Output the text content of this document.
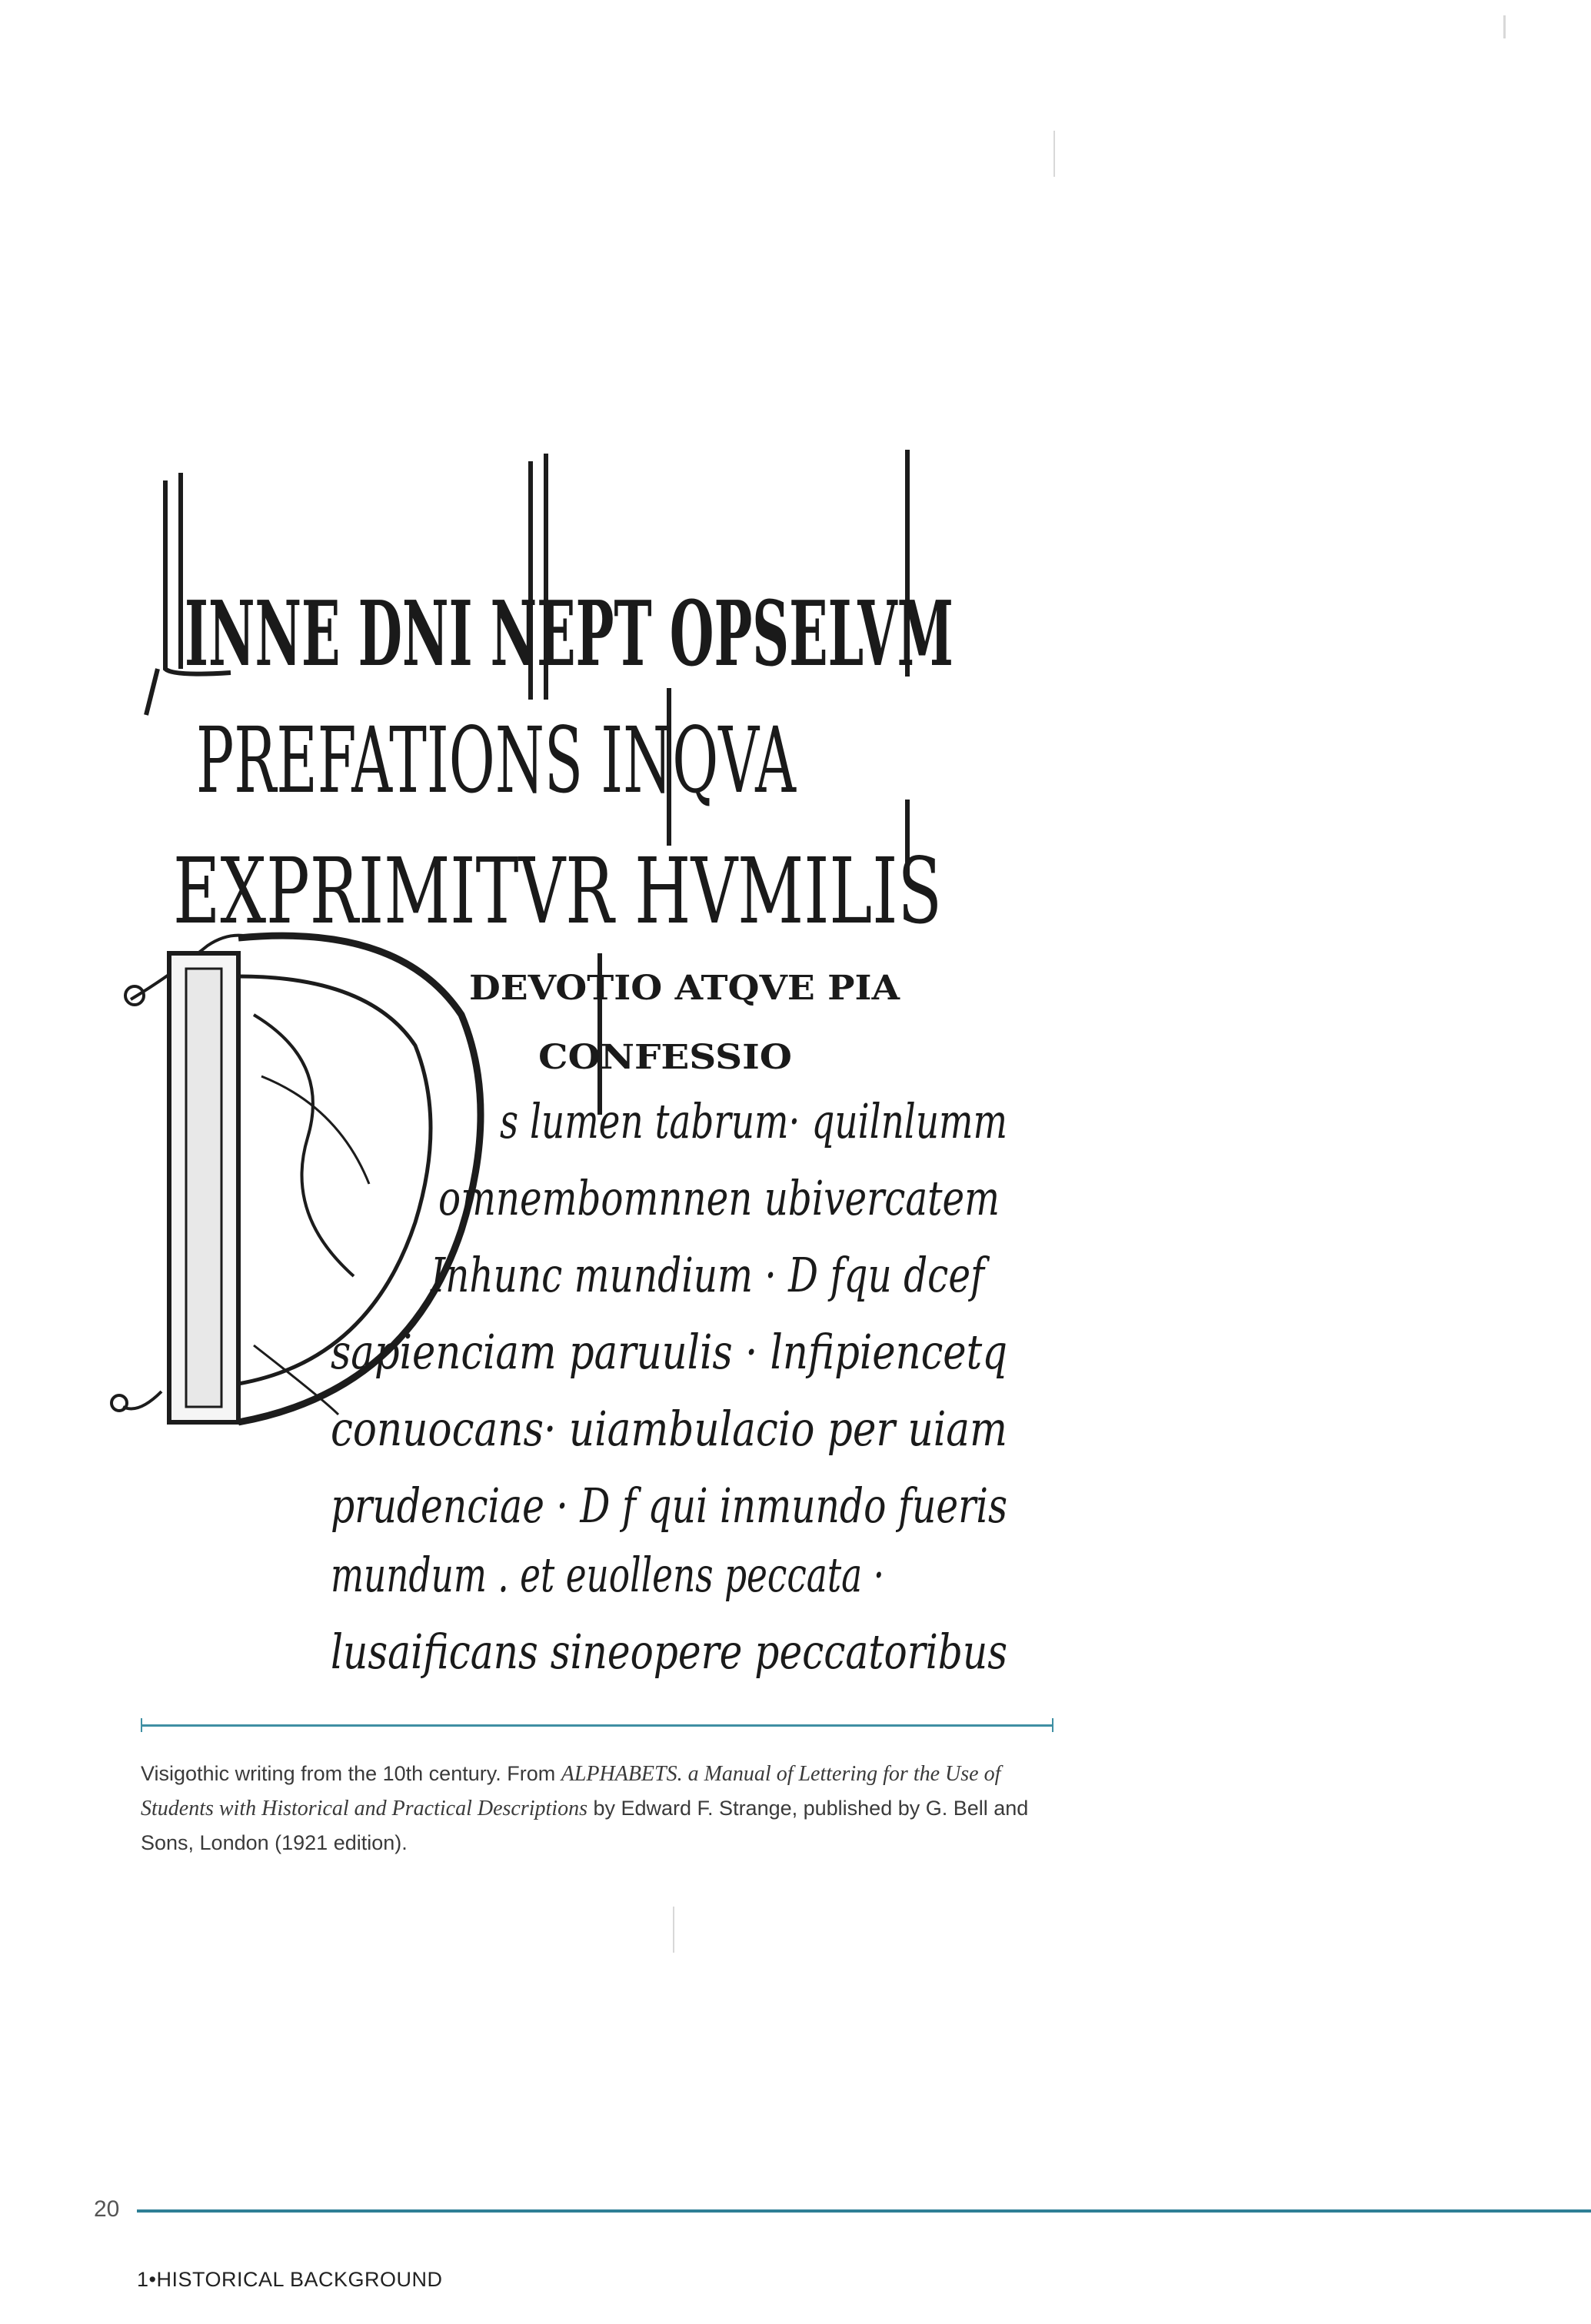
INNE DNI NEPT OPSELVM
PREFATIONS INQVA
EXPRIMITVR HVMILIS
DEVOTIO ATQVE PIA
CONFESSIO
s lumen tabrum· quilnlumm
omnembomnnen ubivercatem
Inhunc mundium · D fqu dcef
sapienciam paruulis · lnfipiencetq
conuocans· uiambulacio per uiam
prudenciae · D f qui inmundo fueris
mundum . et euollens peccata ·
lusaificans sineopere peccatoribus
Visigothic writing from the 10th century. From ALPHABETS. a Manual of Lettering for the Use of Students with Historical and Practical Descriptions by Edward F. Strange, published by G. Bell and Sons, London (1921 edition).
20
1•HISTORICAL BACKGROUND
